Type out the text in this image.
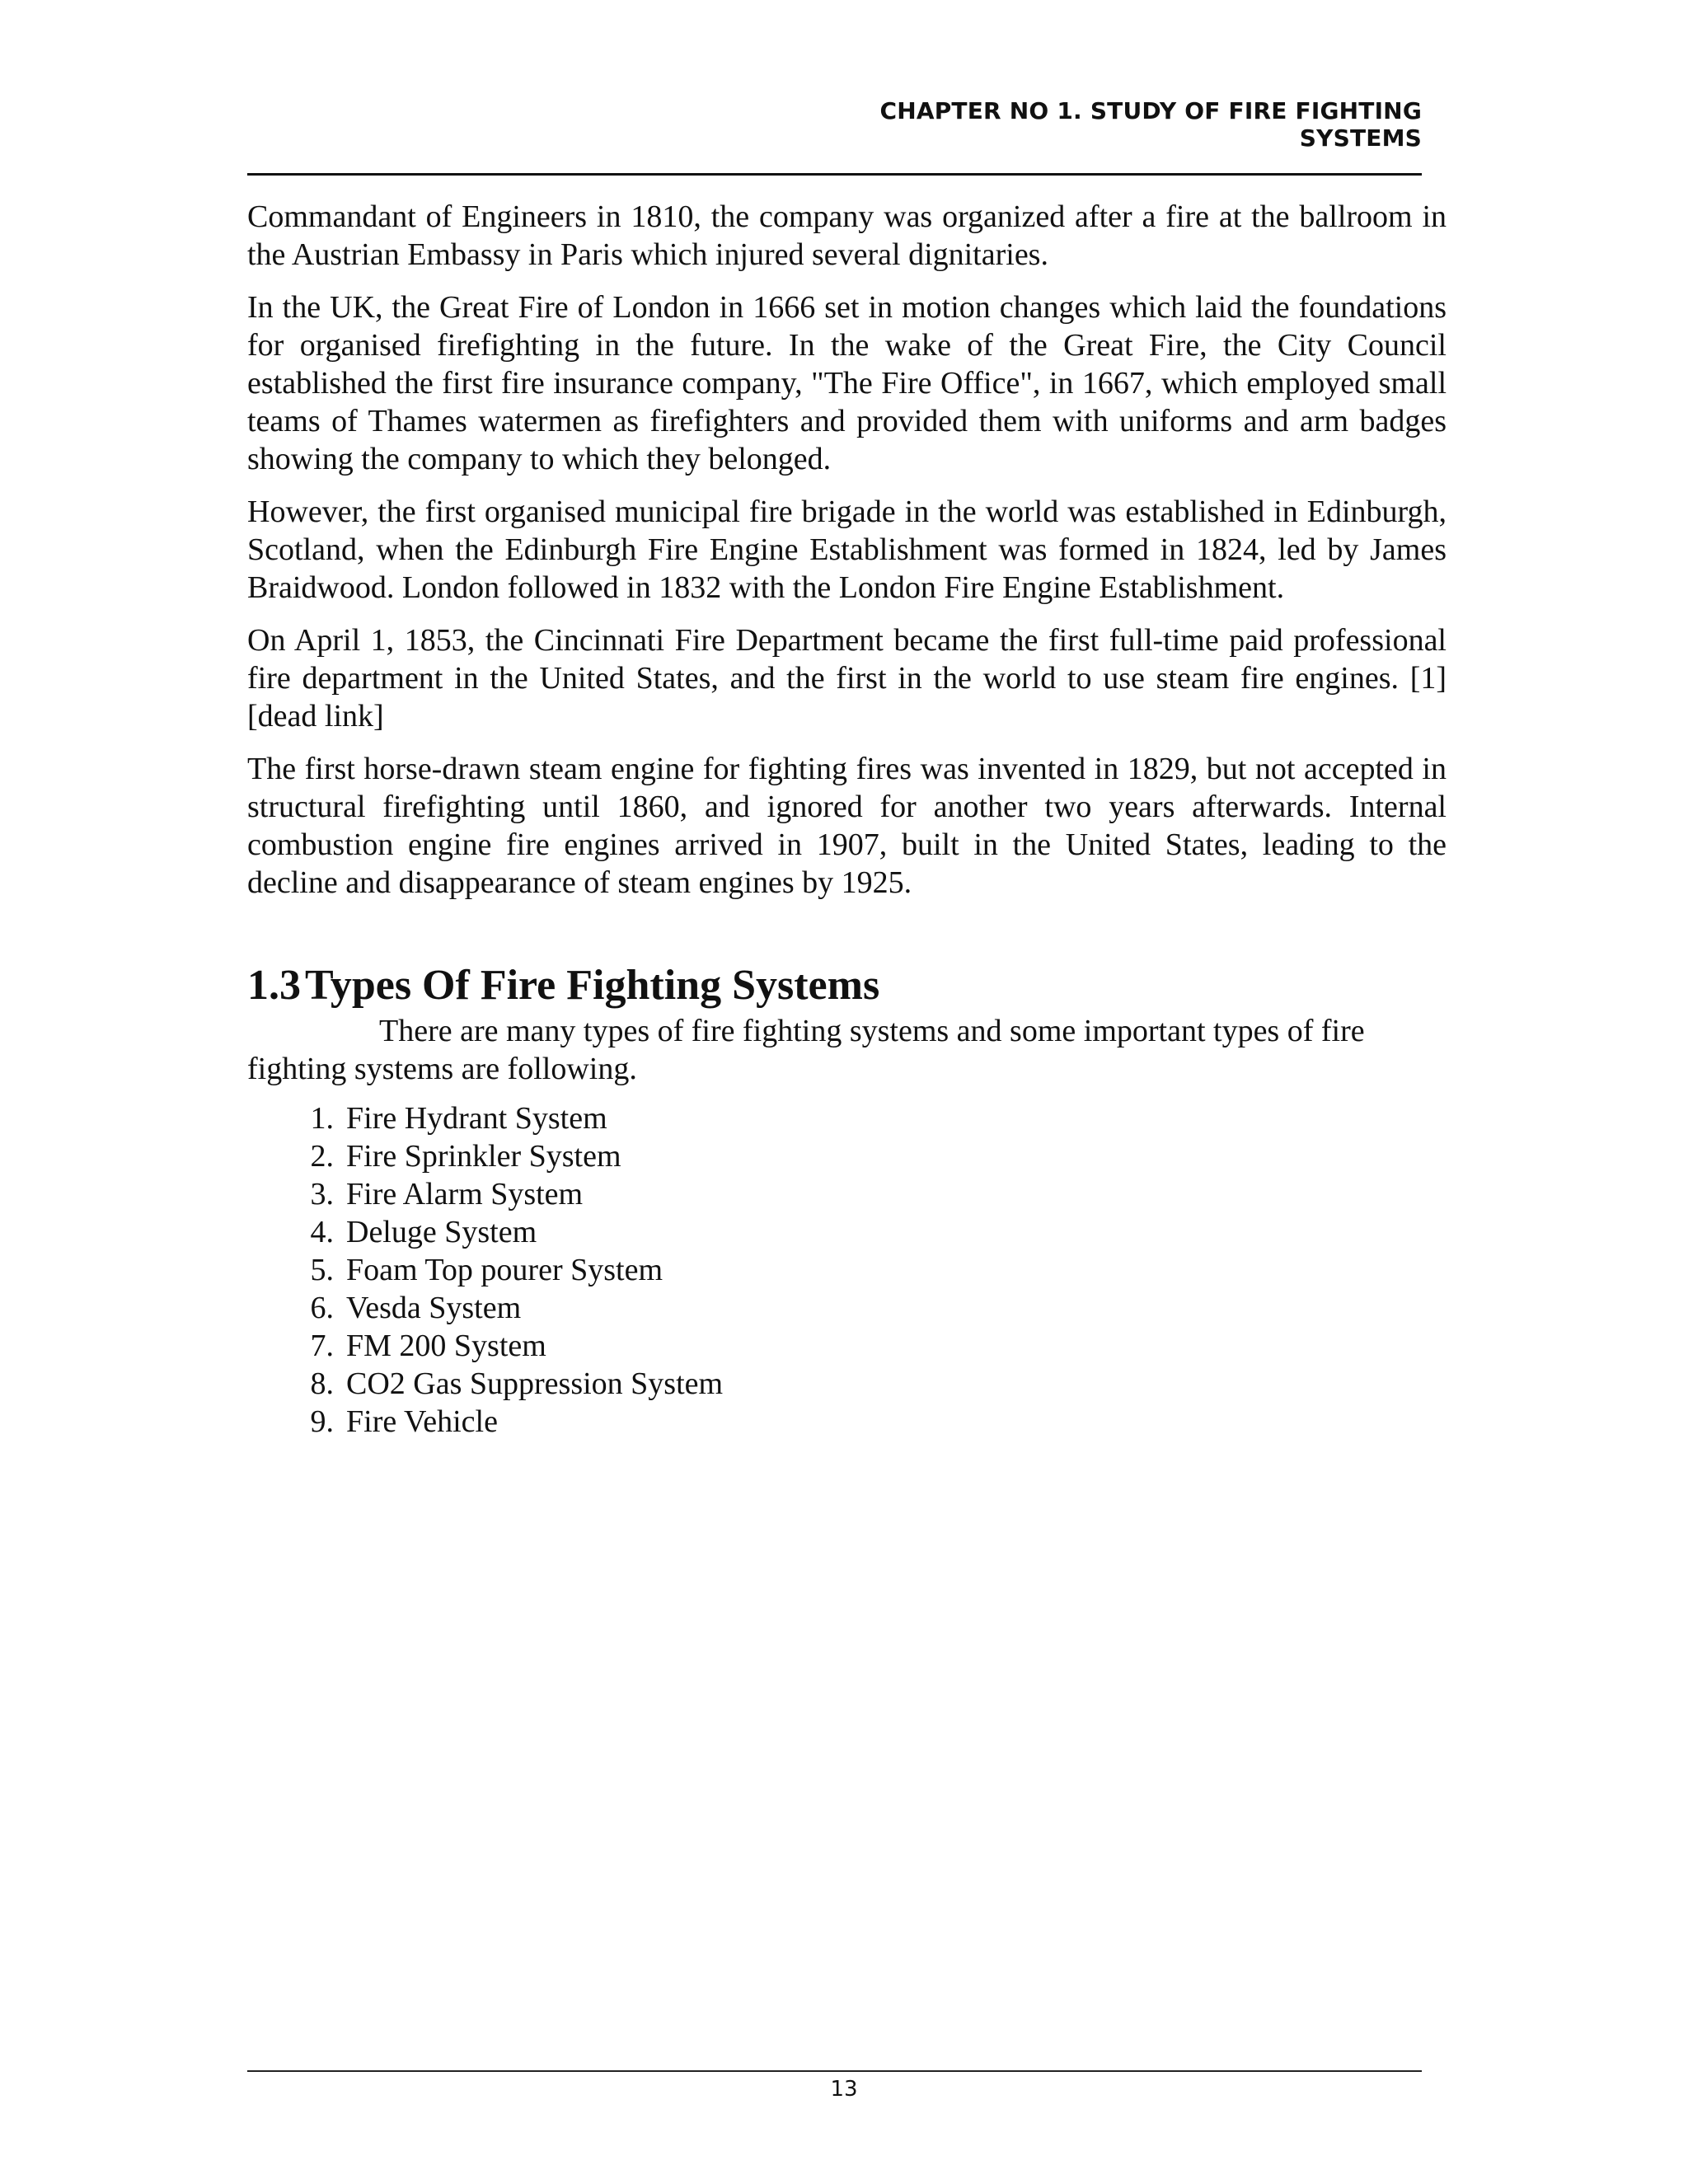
CHAPTER NO 1. STUDY OF FIRE FIGHTING SYSTEMS

Commandant of Engineers in 1810, the company was organized after a fire at the ballroom in the Austrian Embassy in Paris which injured several dignitaries.

In the UK, the Great Fire of London in 1666 set in motion changes which laid the foundations for organised firefighting in the future. In the wake of the Great Fire, the City Council established the first fire insurance company, "The Fire Office", in 1667, which employed small teams of Thames watermen as firefighters and provided them with uniforms and arm badges showing the company to which they belonged.

However, the first organised municipal fire brigade in the world was established in Edinburgh, Scotland, when the Edinburgh Fire Engine Establishment was formed in 1824, led by James Braidwood. London followed in 1832 with the London Fire Engine Establishment.

On April 1, 1853, the Cincinnati Fire Department became the first full-time paid professional fire department in the United States, and the first in the world to use steam fire engines. [1][dead link]

The first horse-drawn steam engine for fighting fires was invented in 1829, but not accepted in structural firefighting until 1860, and ignored for another two years afterwards. Internal combustion engine fire engines arrived in 1907, built in the United States, leading to the decline and disappearance of steam engines by 1925.

1.3Types Of Fire Fighting Systems

There are many types of fire fighting systems and some important types of fire fighting systems are following.

1. Fire Hydrant System
2. Fire Sprinkler System
3. Fire Alarm System
4. Deluge System
5. Foam Top pourer System
6. Vesda System
7. FM 200 System
8. CO2 Gas Suppression System
9. Fire Vehicle
13
